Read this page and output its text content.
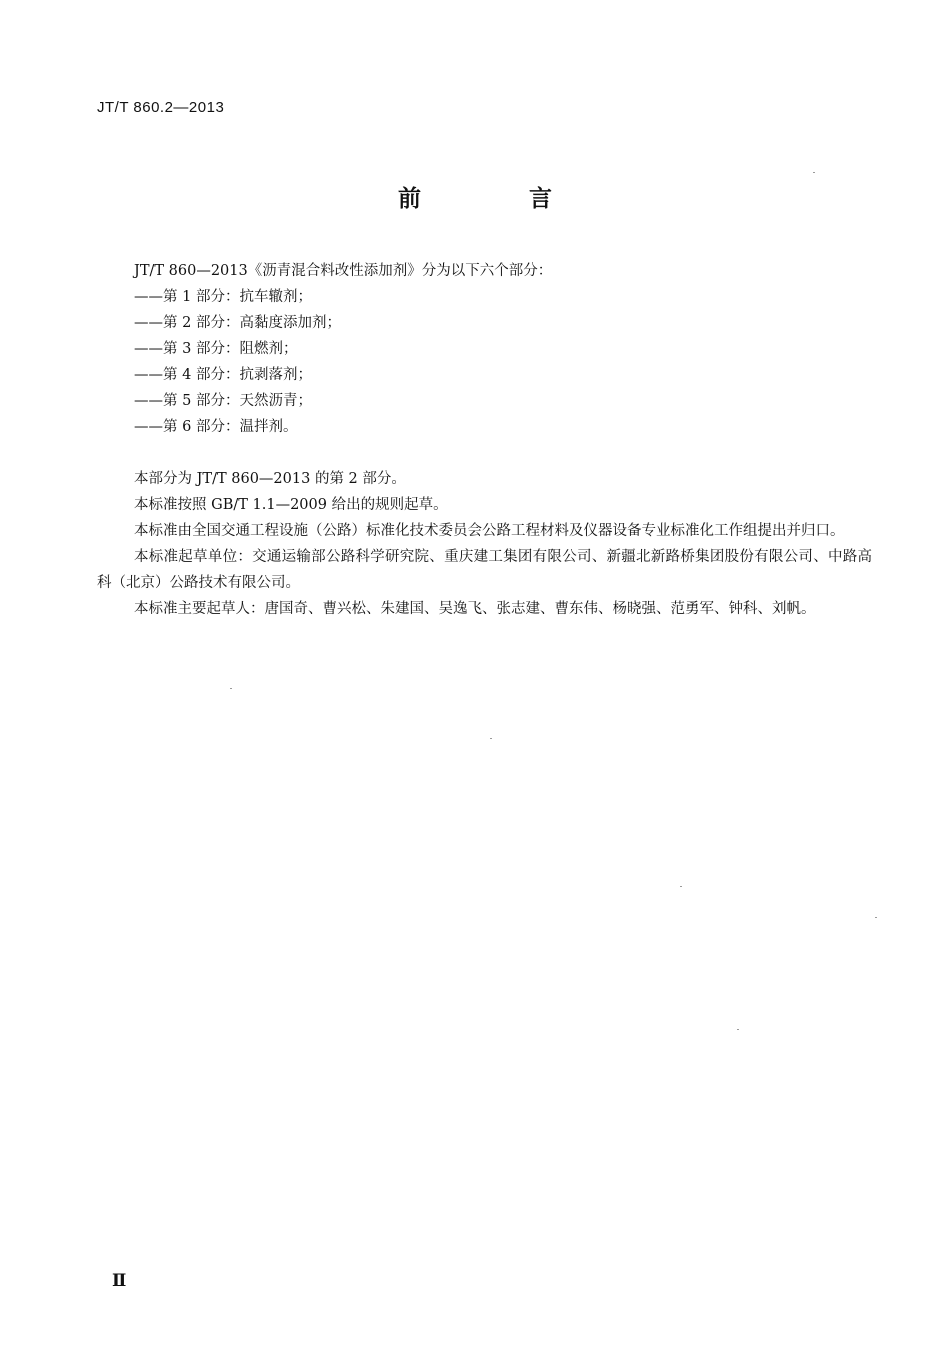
JT/T 860.2—2013
前 言

JT/T 860—2013《沥青混合料改性添加剂》分为以下六个部分：

——第 1 部分：抗车辙剂；
——第 2 部分：高黏度添加剂；
——第 3 部分：阻燃剂；
——第 4 部分：抗剥落剂；
——第 5 部分：天然沥青；
——第 6 部分：温拌剂。

本部分为 JT/T 860—2013 的第 2 部分。

本标准按照 GB/T 1.1—2009 给出的规则起草。

本标准由全国交通工程设施（公路）标准化技术委员会公路工程材料及仪器设备专业标准化工作组提出并归口。

本标准起草单位：交通运输部公路科学研究院、重庆建工集团有限公司、新疆北新路桥集团股份有限公司、中路高科（北京）公路技术有限公司。

本标准主要起草人：唐国奇、曹兴松、朱建国、吴逸飞、张志建、曹东伟、杨晓强、范勇军、钟科、刘帆。

Ⅱ
